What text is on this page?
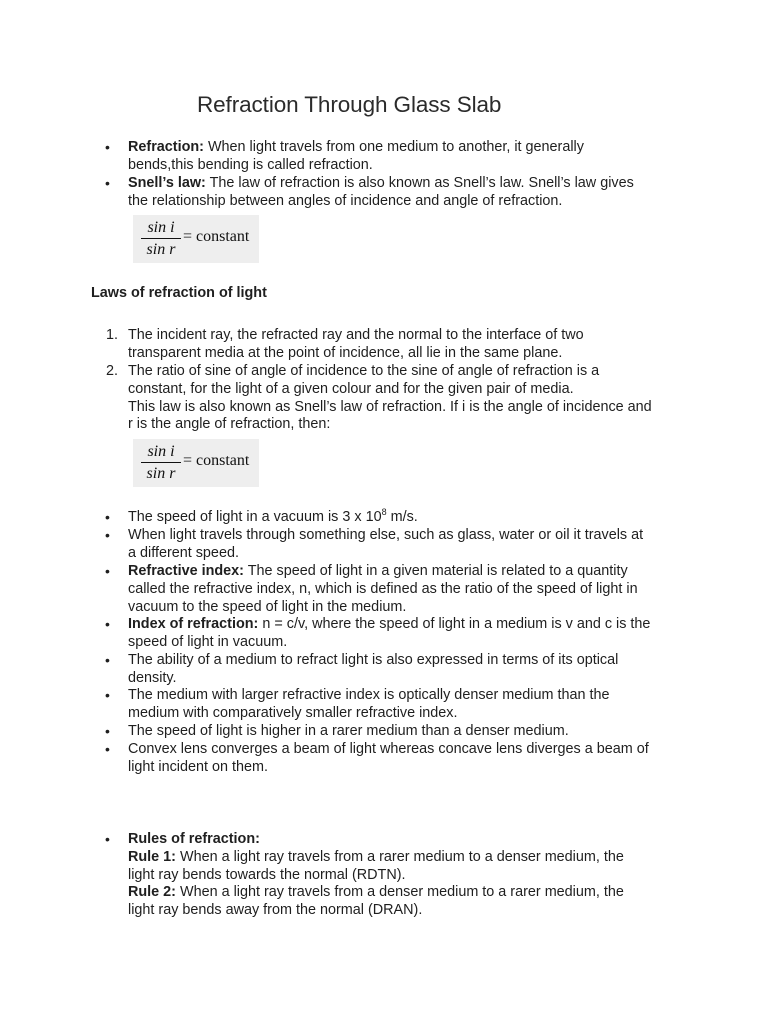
Refraction Through Glass Slab
• Refraction: When light travels from one medium to another, it generally
bends,this bending is called refraction.
• Snell’s law: The law of refraction is also known as Snell’s law. Snell’s law gives
the relationship between angles of incidence and angle of refraction.
sin i
sin r
= constant
Laws of refraction of light
1. The incident ray, the refracted ray and the normal to the interface of two
transparent media at the point of incidence, all lie in the same plane.
2. The ratio of sine of angle of incidence to the sine of angle of refraction is a
constant, for the light of a given colour and for the given pair of media.
This law is also known as Snell’s law of refraction. If i is the angle of incidence and
r is the angle of refraction, then:
sin i
sin r
= constant
• The speed of light in a vacuum is 3 x $10^8$ m/s.
• When light travels through something else, such as glass, water or oil it travels at
a different speed.
• Refractive index: The speed of light in a given material is related to a quantity
called the refractive index, n, which is defined as the ratio of the speed of light in
vacuum to the speed of light in the medium.
• Index of refraction: n = c/v, where the speed of light in a medium is v and c is the
speed of light in vacuum.
• The ability of a medium to refract light is also expressed in terms of its optical
density.
• The medium with larger refractive index is optically denser medium than the
medium with comparatively smaller refractive index.
• The speed of light is higher in a rarer medium than a denser medium.
• Convex lens converges a beam of light whereas concave lens diverges a beam of
light incident on them.
• Rules of refraction:
Rule 1: When a light ray travels from a rarer medium to a denser medium, the
light ray bends towards the normal (RDTN).
Rule 2: When a light ray travels from a denser medium to a rarer medium, the
light ray bends away from the normal (DRAN).
